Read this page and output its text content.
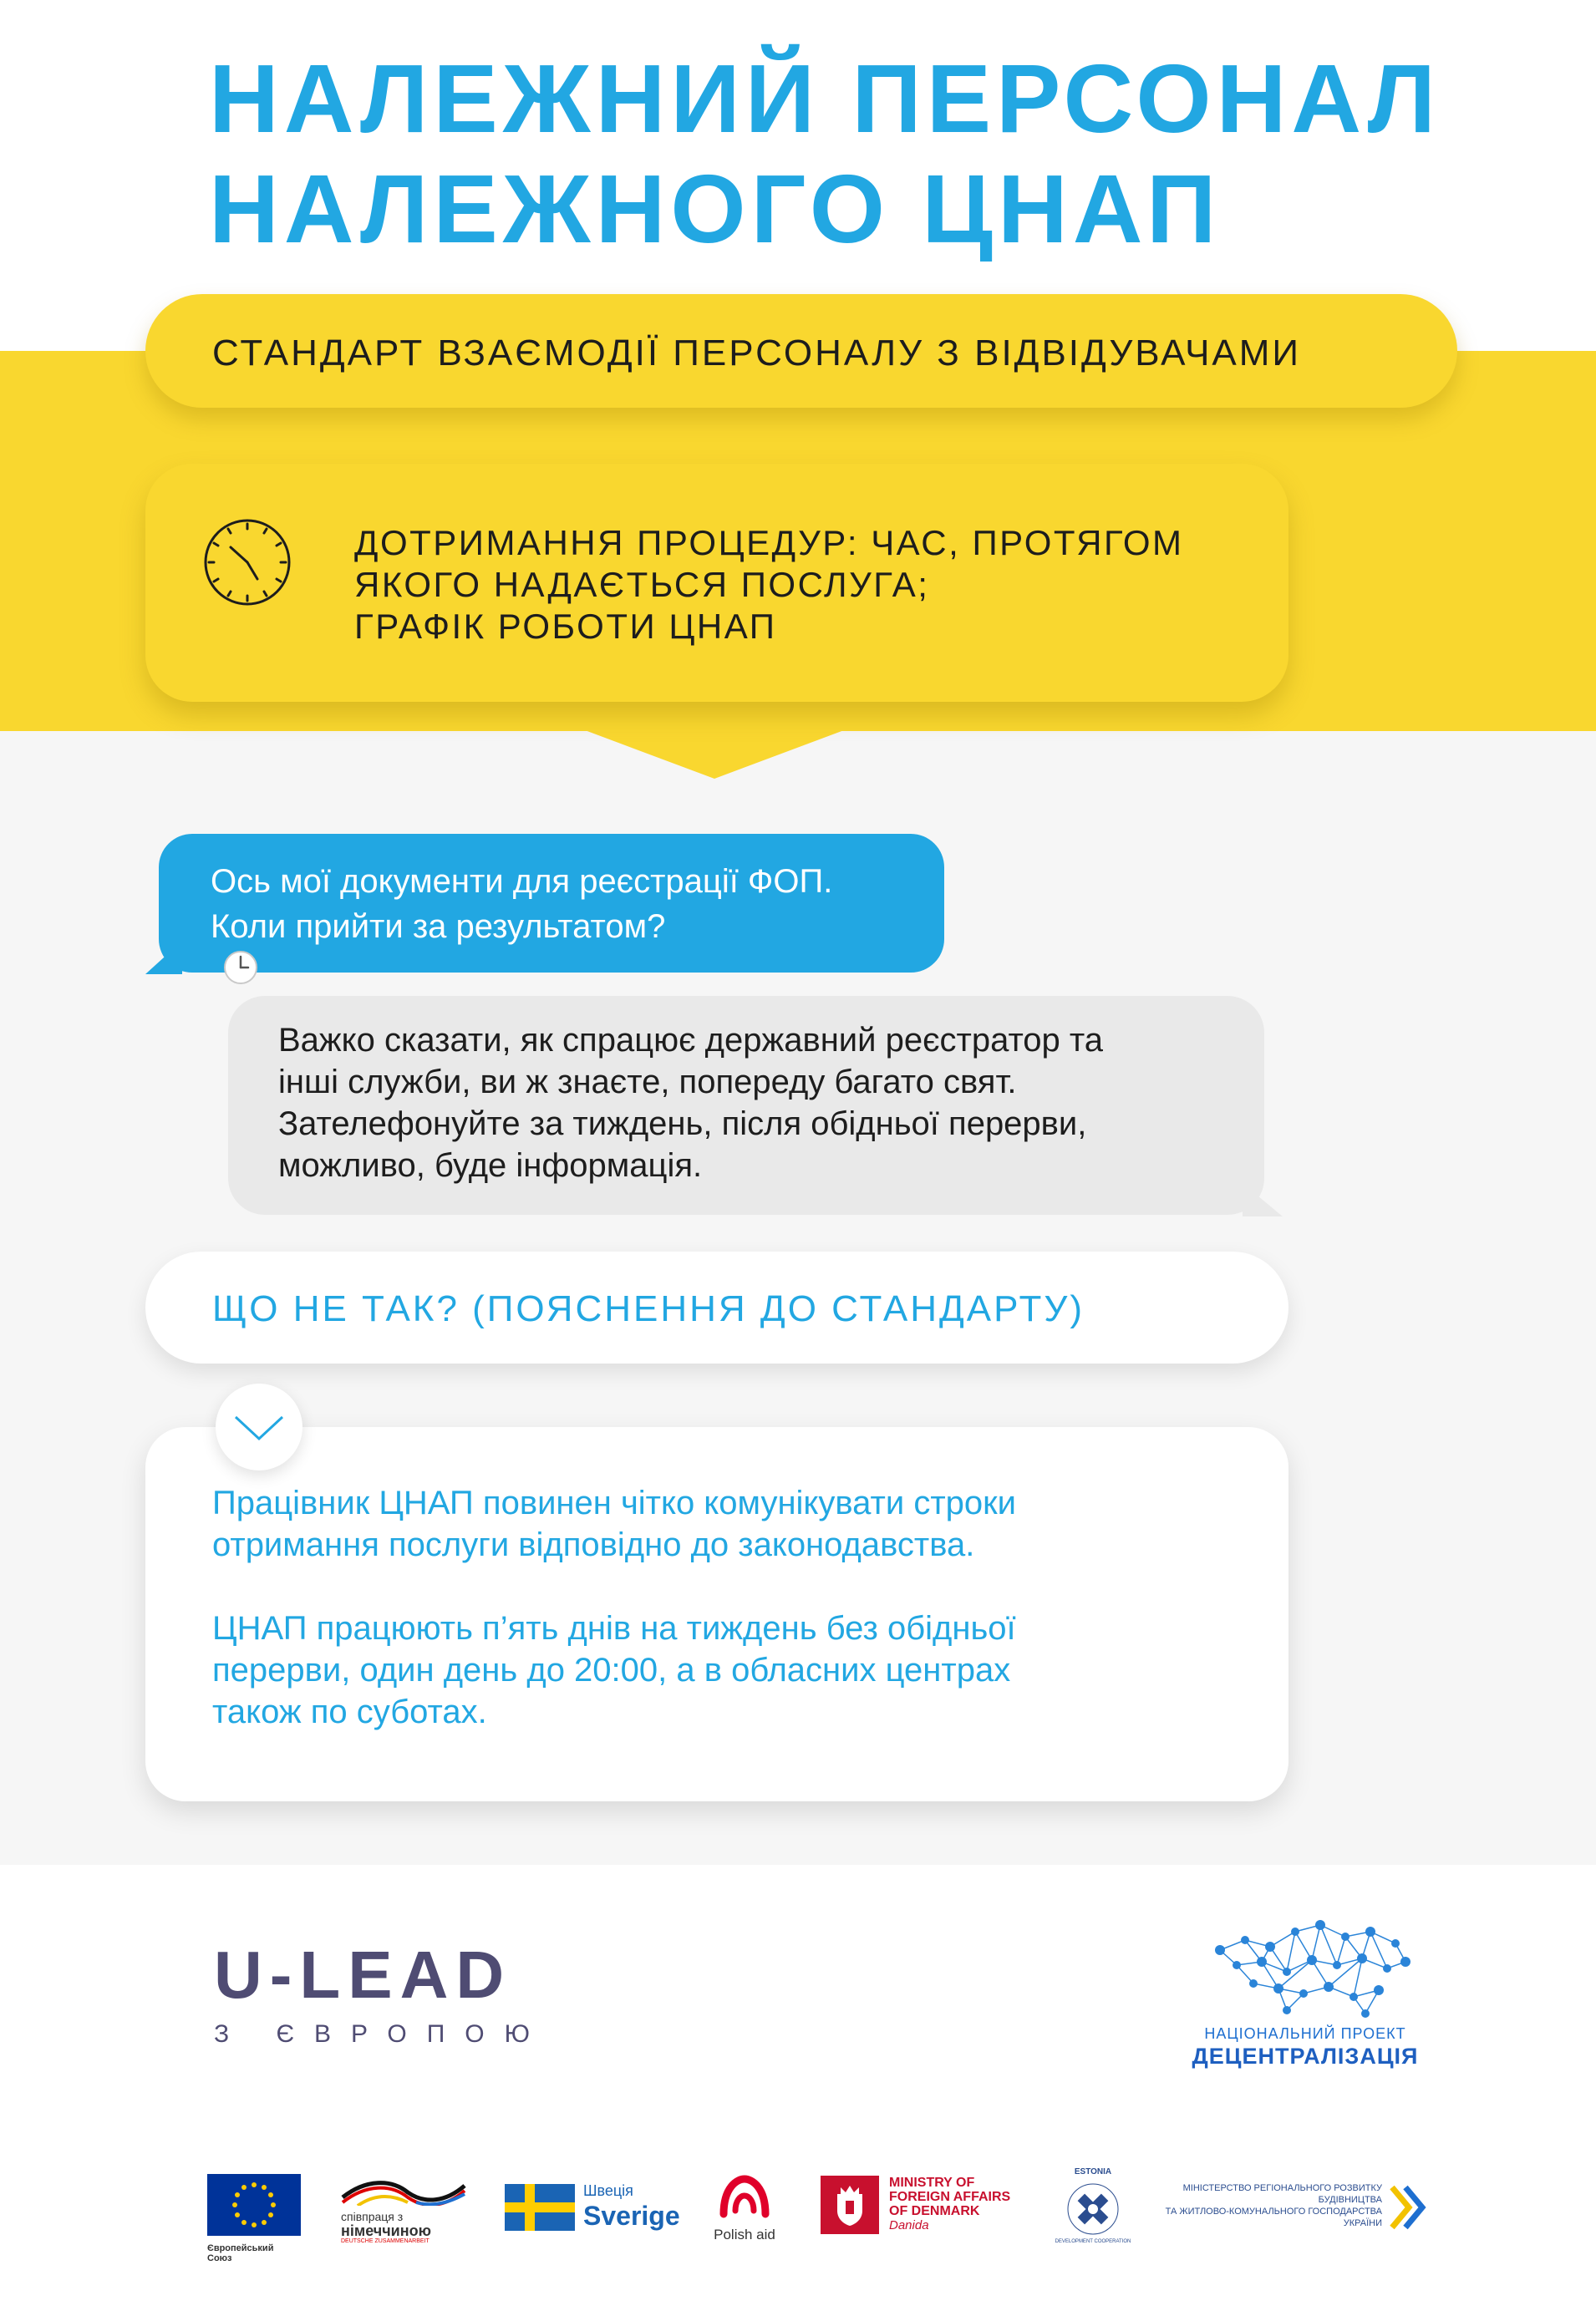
НАЛЕЖНИЙ ПЕРСОНАЛ
НАЛЕЖНОГО ЦНАП
СТАНДАРТ ВЗАЄМОДІЇ ПЕРСОНАЛУ З ВІДВІДУВАЧАМИ
ДОТРИМАННЯ ПРОЦЕДУР: ЧАС, ПРОТЯГОМ
ЯКОГО НАДАЄТЬСЯ ПОСЛУГА;
ГРАФІК РОБОТИ ЦНАП
Ось мої документи для реєстрації ФОП.
Коли прийти за результатом?
Важко сказати, як спрацює державний реєстратор та
інші служби, ви ж знаєте, попереду багато свят.
Зателефонуйте за тиждень, після обідньої перерви,
можливо, буде інформація.
ЩО НЕ ТАК? (ПОЯСНЕННЯ ДО СТАНДАРТУ)
Працівник ЦНАП повинен чітко комунікувати строки
отримання послуги відповідно до законодавства.
ЦНАП працюють п’ять днів на тиждень без обідньої
перерви, один день до 20:00, а в обласних центрах
також по суботах.
U-LEAD
З ЄВРОПОЮ	НАЦІОНАЛЬНИЙ ПРОЕКТ
ДЕЦЕНТРАЛІЗАЦІЯ
Європейський Союз
співпраця з
німеччиною
DEUTSCHE ZUSAMMENARBEIT
Швеція
Sverige
Polish aid
MINISTRY OF
FOREIGN AFFAIRS
OF DENMARK
Danida
ESTONIA
DEVELOPMENT COOPERATION
МІНІСТЕРСТВО РЕГІОНАЛЬНОГО РОЗВИТКУ
БУДІВНИЦТВА
ТА ЖИТЛОВО-КОМУНАЛЬНОГО ГОСПОДАРСТВА
УКРАЇНИ
